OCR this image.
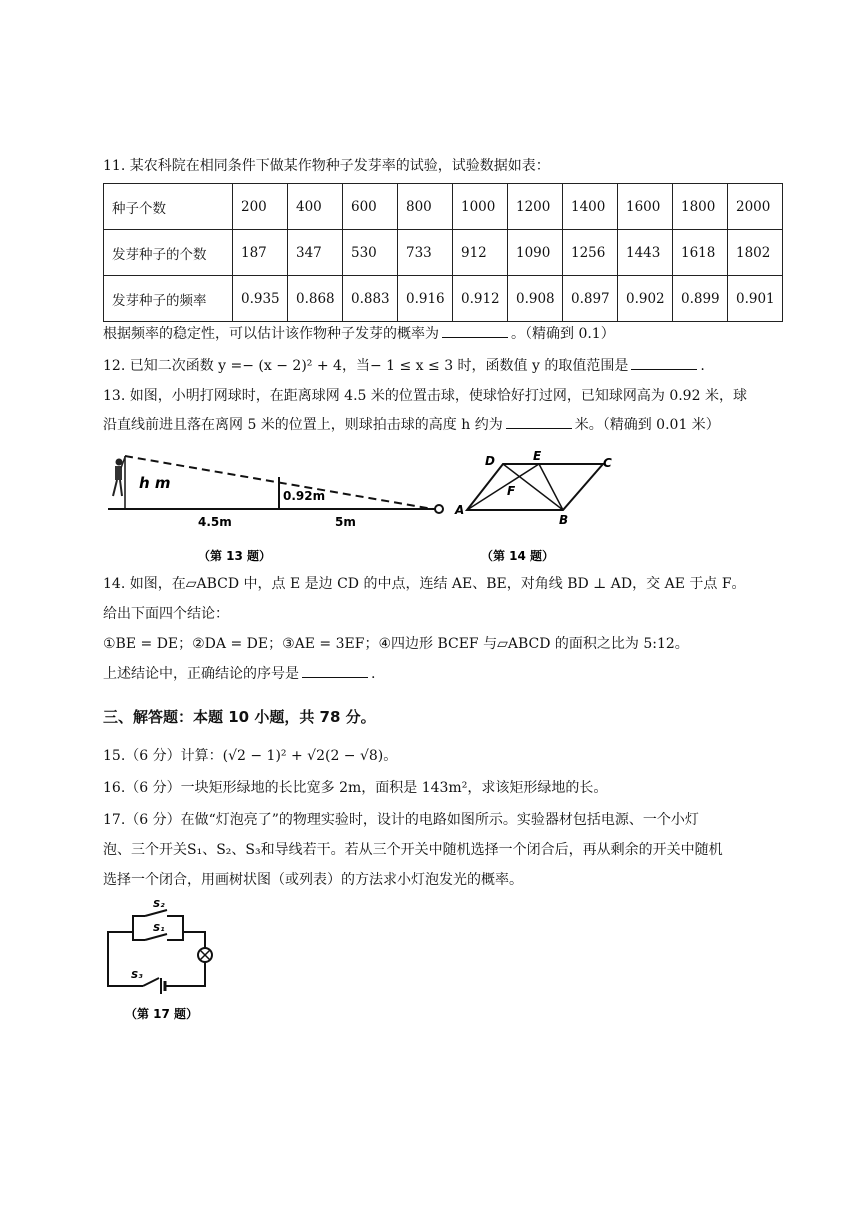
11. 某农科院在相同条件下做某作物种子发芽率的试验，试验数据如表：
种子个数	200	400	600	800	1000	1200	1400	1600	1800	2000
发芽种子的个数	187	347	530	733	912	1090	1256	1443	1618	1802
发芽种子的频率	0.935	0.868	0.883	0.916	0.912	0.908	0.897	0.902	0.899	0.901
根据频率的稳定性，可以估计该作物种子发芽的概率为	。（精确到 0.1）
12. 已知二次函数 y =− (x − 2)² + 4，当− 1 ≤ x ≤ 3 时，函数值 y 的取值范围是	.
13. 如图，小明打网球时，在距离球网 4.5 米的位置击球，使球恰好打过网，已知球网高为 0.92 米，球
沿直线前进且落在离网 5 米的位置上，则球拍击球的高度 h 约为	米。（精确到 0.01 米）
h m
0.92m
4.5m	5m
（第 13 题）
A
B
C
D	E
F
（第 14 题）
14. 如图，在▱ABCD 中，点 E 是边 CD 的中点，连结 AE、BE，对角线 BD ⊥ AD，交 AE 于点 F。
给出下面四个结论：
①BE = DE；②DA = DE；③AE = 3EF；④四边形 BCEF 与▱ABCD 的面积之比为 5:12。
上述结论中，正确结论的序号是	.
三、解答题：本题 10 小题，共 78 分。
15.（6 分）计算：(√2 − 1)² + √2(2 − √8)。
16.（6 分）一块矩形绿地的长比宽多 2m，面积是 143m²，求该矩形绿地的长。
17.（6 分）在做“灯泡亮了”的物理实验时，设计的电路如图所示。实验器材包括电源、一个小灯
泡、三个开关S₁、S₂、S₃和导线若干。若从三个开关中随机选择一个闭合后，再从剩余的开关中随机
选择一个闭合，用画树状图（或列表）的方法求小灯泡发光的概率。
S₂
S₁
S₃
（第 17 题）
